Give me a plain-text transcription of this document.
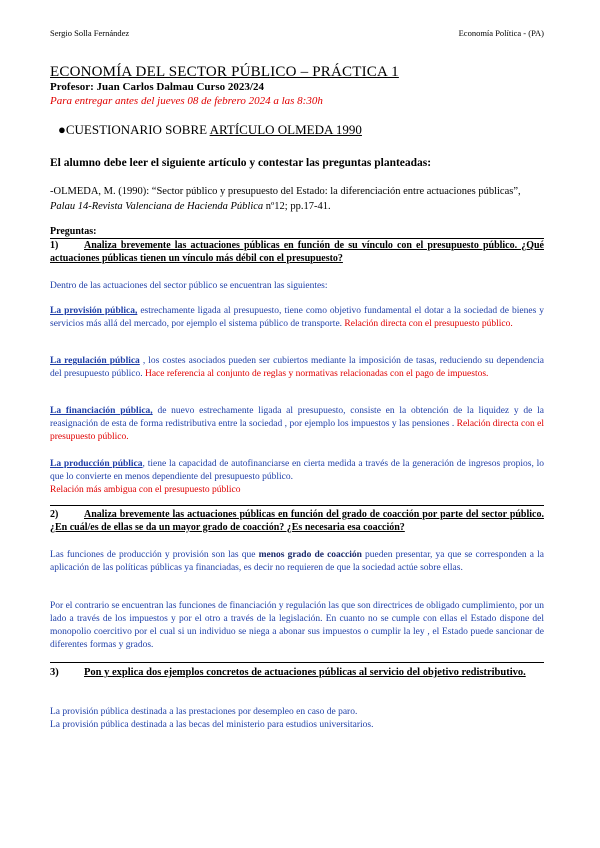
Sergio Solla Fernández	Economía Política - (PA)
ECONOMÍA DEL SECTOR PÚBLICO – PRÁCTICA 1
Profesor: Juan Carlos Dalmau Curso 2023/24
Para entregar antes del jueves 08 de febrero 2024 a las 8:30h
●CUESTIONARIO SOBRE ARTÍCULO OLMEDA 1990
El alumno debe leer el siguiente artículo y contestar las preguntas planteadas:
-OLMEDA, M. (1990): “Sector público y presupuesto del Estado: la diferenciación entre actuaciones públicas”, Palau 14-Revista Valenciana de Hacienda Pública nº12; pp.17-41.
Preguntas:
1)	Analiza brevemente las actuaciones públicas en función de su vínculo con el presupuesto público. ¿Qué actuaciones públicas tienen un vínculo más débil con el presupuesto?
Dentro de las actuaciones del sector público se encuentran las siguientes:
La provisión pública, estrechamente ligada al presupuesto, tiene como objetivo fundamental el dotar a la sociedad de bienes y servicios más allá del mercado, por ejemplo el sistema público de transporte. Relación directa con el presupuesto público.
La regulación pública , los costes asociados pueden ser cubiertos mediante la imposición de tasas, reduciendo su dependencia del presupuesto público. Hace referencia al conjunto de reglas y normativas relacionadas con el pago de impuestos.
La financiación pública, de nuevo estrechamente ligada al presupuesto, consiste en la obtención de la liquidez y de la reasignación de esta de forma redistributiva entre la sociedad , por ejemplo los impuestos y las pensiones . Relación directa con el presupuesto público.
La producción pública, tiene la capacidad de autofinanciarse en cierta medida a través de la generación de ingresos propios, lo que lo convierte en menos dependiente del presupuesto público.
Relación más ambigua con el presupuesto público
2)	Analiza brevemente las actuaciones públicas en función del grado de coacción por parte del sector público. ¿En cuál/es de ellas se da un mayor grado de coacción? ¿Es necesaria esa coacción?
Las funciones de producción y provisión son las que menos grado de coacción pueden presentar, ya que se corresponden a la aplicación de las políticas públicas ya financiadas, es decir no requieren de que la sociedad actúe sobre ellas.
Por el contrario se encuentran las funciones de financiación y regulación las que son directrices de obligado cumplimiento, por un lado a través de los impuestos y por el otro a través de la legislación. En cuanto no se cumple con ellas el Estado dispone del monopolio coercitivo por el cual si un individuo se niega a abonar sus impuestos o cumplir la ley , el Estado puede sancionar de diferentes formas y grados.
3) Pon y explica dos ejemplos concretos de actuaciones públicas al servicio del objetivo redistributivo.
La provisión pública destinada a las prestaciones por desempleo en caso de paro.
La provisión pública destinada a las becas del ministerio para estudios universitarios.
